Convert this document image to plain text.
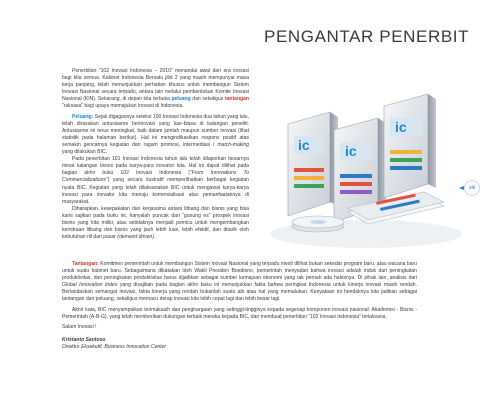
PENGANTAR PENERBIT

Penerbitan “102 Inovasi Indonesia – 2010” menandai awal dari era inovasi bagi kita semua. Kabinet Indonesia Bersatu jilid 2 yang masih mempunyai masa kerja panjang, telah menunjukkan perhatian khusus untuk membangun Sistem Inovasi Nasional secara terpadu, antara lain melalui pembentukan Komite Inovasi Nasional (KIN). Sekarang, di depan kita terbuka peluang dan sekaligus tantangan “raksasa” bagi upaya memajukan inovasi di Indonesia.

Peluang: Sejak digagasnya seleksi 100 Inovasi Indonesia dua tahun yang lalu, telah dirasakan antusiasme berinovasi yang luar-biasa di kalangan peneliti. Antusiasme ini terus meningkat, baik dalam jumlah maupun sumber inovasi (lihat statistik pada halaman berikut). Hal ini mengindikasikan respons positif atas semakin gencarnya kegiatan dan ragam promosi, intermediasi / match-making yang dilakukan BIC.

Pada penerbitan 101 Inovasi Indonesia tahun lalu telah dilaporkan besarnya minat kalangan bisnis pada karya-para inovator kita. Hal ini dapat dilihat pada bagian akhir buku 102 Inovasi Indonesia (“From Innovations To Commercializations”) yang secara ilustratif memperlihatkan berbagai kegiatan nyata BIC. Kegiatan yang telah dilaksanakan BIC untuk mengawal karya-karya inovasi para inovator kita menuju komersialisasi atau pemanfaatannya di masyarakat.

Diharapkan, kesepakatan dan kerjasama antara litbang dan bisnis yang bisa kami sajikan pada buku ini, hanyalah puncak dari “gunung es” prospek inovasi bisnis yang kita miliki; atau setidaknya menjadi pemicu untuk mengembangkan kemitraan litbang dan bisnis yang jauh lebih luas, lebih efektif, dan ditarik oleh kebutuhan riil dari pasar (demand driven).

ic	ic
ic
xiii

Tantangan: Komitmen pemerintah untuk membangun Sistem Inovasi Nasional yang terpadu mesti dilihat bukan sekedar program baru, atau wacana baru untuk suatu kabinet baru. Sebagaimana dikatakan oleh Wakil Presiden Boediono, pemerintah menyadari bahwa inovasi adalah induk dari peningkatan produktivitas, dan peningkatan produktivitas harus dijadikan sebagai sumber kemajuan ekonomi yang tak pernah ada habisnya. Di pihak lain, analisis dari Global Innovation Index yang disajikan pada bagian akhir buku ini menunjukkan fakta bahwa peringkat Indonesia untuk kinerja inovasi masih rendah. Berlandaskan semangat inovasi, fakta kinerja yang rendah bukanlah suatu aib atau hal yang memalukan. Kenyataan ini hendaknya kita jadikan sebagai tantangan dan peluang, sekaligus memacu derap inovasi kita lebih cepat lagi dan lebih besar lagi.

Akhir kata, BIC menyampaikan terimakasih dan penghargaan yang setinggi-tingginya kepada segenap komponen inovasi nasional: Akademisi - Bisnis - Pemerintah (A-B-G), yang telah memberikan dukungan terbaik mereka kepada BIC, dan membuat penerbitan “102 Inovasi Indonesia” terlaksana.

Salam Inovasi !

Kristanto Santoso

Direktur Eksekutif, Business Innovation Center
